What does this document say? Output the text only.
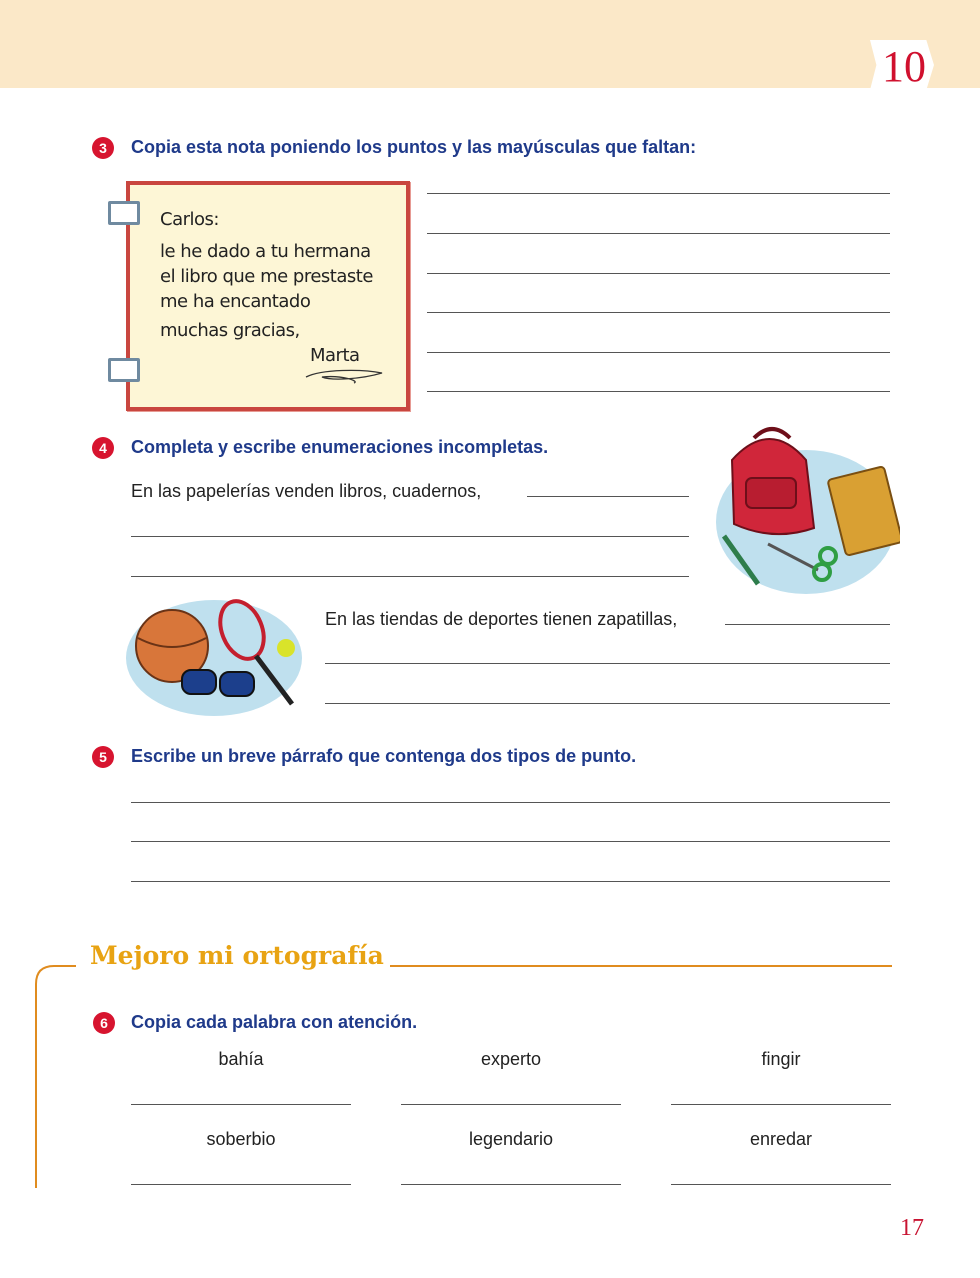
10
3	Copia esta nota poniendo los puntos y las mayúsculas que faltan:
Carlos:
le he dado a tu hermana
el libro que me prestaste
me ha encantado
muchas gracias,
Marta
4	Completa y escribe enumeraciones incompletas.
En las papelerías venden libros, cuadernos,
En las tiendas de deportes tienen zapatillas,
5	Escribe un breve párrafo que contenga dos tipos de punto.
Mejoro mi ortografía
6	Copia cada palabra con atención.
bahía	experto	fingir
soberbio	legendario	enredar
17
